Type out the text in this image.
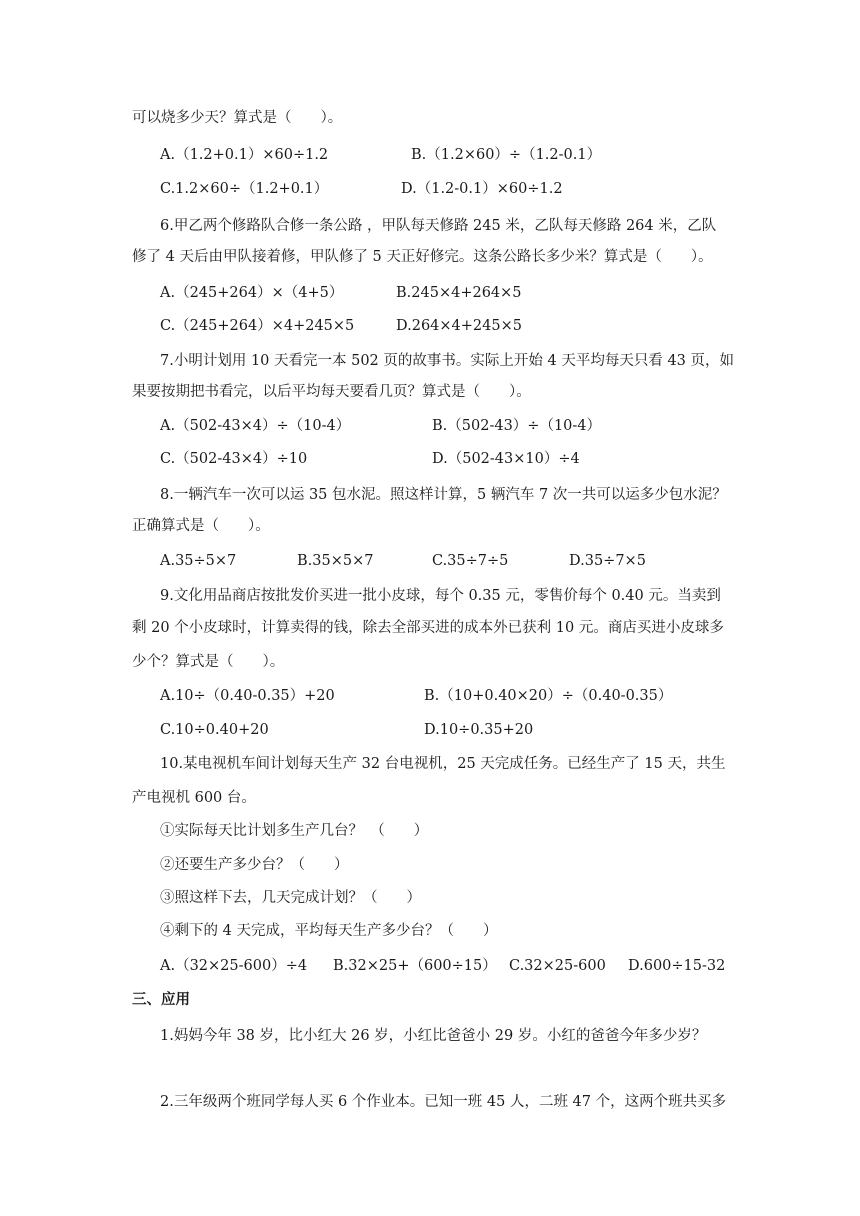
可以烧多少天？算式是（　　）。
A.（1.2+0.1）×60÷1.2	B.（1.2×60）÷（1.2-0.1）
C.1.2×60÷（1.2+0.1）	D.（1.2-0.1）×60÷1.2
6.甲乙两个修路队合修一条公路 ，甲队每天修路 245 米，乙队每天修路 264 米，乙队
修了 4 天后由甲队接着修，甲队修了 5 天正好修完。这条公路长多少米？算式是（　　）。
A.（245+264）×（4+5）	B.245×4+264×5
C.（245+264）×4+245×5	D.264×4+245×5
7.小明计划用 10 天看完一本 502 页的故事书。实际上开始 4 天平均每天只看 43 页，如
果要按期把书看完，以后平均每天要看几页？算式是（　　）。
A.（502-43×4）÷（10-4）	B.（502-43）÷（10-4）
C.（502-43×4）÷10	D.（502-43×10）÷4
8.一辆汽车一次可以运 35 包水泥。照这样计算，5 辆汽车 7 次一共可以运多少包水泥？
正确算式是（　　）。
A.35÷5×7	B.35×5×7	C.35÷7÷5	D.35÷7×5
9.文化用品商店按批发价买进一批小皮球，每个 0.35 元，零售价每个 0.40 元。当卖到
剩 20 个小皮球时，计算卖得的钱，除去全部买进的成本外已获利 10 元。商店买进小皮球多
少个？算式是（　　）。
A.10÷（0.40-0.35）+20	B.（10+0.40×20）÷（0.40-0.35）
C.10÷0.40+20	D.10÷0.35+20
10.某电视机车间计划每天生产 32 台电视机，25 天完成任务。已经生产了 15 天，共生
产电视机 600 台。
①实际每天比计划多生产几台？　（　　）
②还要生产多少台？（　　）
③照这样下去，几天完成计划？（　　）
④剩下的 4 天完成，平均每天生产多少台？（　　）
A.（32×25-600）÷4 B.32×25+（600÷15） C.32×25-600 D.600÷15-32
三、应用
1.妈妈今年 38 岁，比小红大 26 岁，小红比爸爸小 29 岁。小红的爸爸今年多少岁？
2.三年级两个班同学每人买 6 个作业本。已知一班 45 人，二班 47 个，这两个班共买多
